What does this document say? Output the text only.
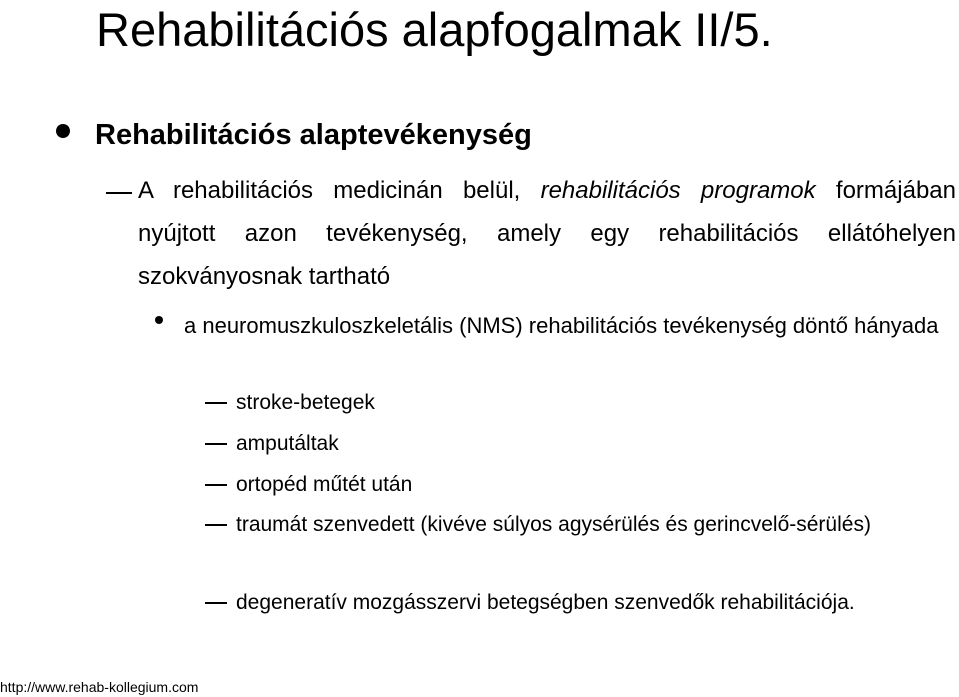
Rehabilitációs alapfogalmak II/5.
Rehabilitációs alaptevékenység
A rehabilitációs medicinán belül, rehabilitációs programok formájában nyújtott azon tevékenység, amely egy rehabilitációs ellátóhelyen szokványosnak tartható
a neuromuszkuloszkeletális (NMS) rehabilitációs tevékenység döntő hányada
stroke-betegek
amputáltak
ortopéd műtét után
traumát szenvedett (kivéve súlyos agysérülés és gerincvelő-sérülés)
degeneratív mozgásszervi betegségben szenvedők rehabilitációja.
http://www.rehab-kollegium.com
